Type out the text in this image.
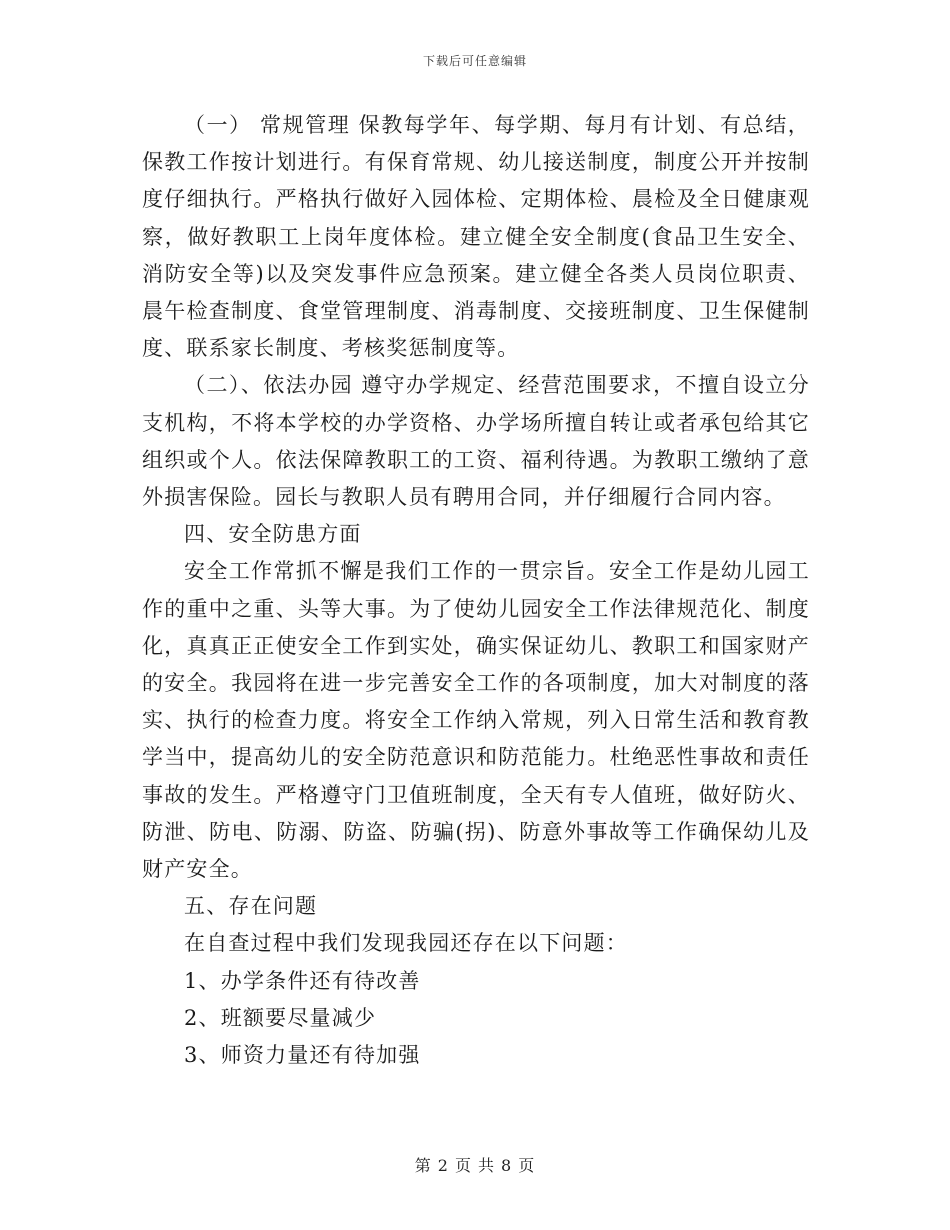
下载后可任意编辑

（一） 常规管理 保教每学年、每学期、每月有计划、有总结，保教工作按计划进行。有保育常规、幼儿接送制度，制度公开并按制度仔细执行。严格执行做好入园体检、定期体检、晨检及全日健康观察，做好教职工上岗年度体检。建立健全安全制度(食品卫生安全、消防安全等)以及突发事件应急预案。建立健全各类人员岗位职责、晨午检查制度、食堂管理制度、消毒制度、交接班制度、卫生保健制度、联系家长制度、考核奖惩制度等。

（二）、依法办园 遵守办学规定、经营范围要求，不擅自设立分支机构，不将本学校的办学资格、办学场所擅自转让或者承包给其它组织或个人。依法保障教职工的工资、福利待遇。为教职工缴纳了意外损害保险。园长与教职人员有聘用合同，并仔细履行合同内容。

四、安全防患方面

安全工作常抓不懈是我们工作的一贯宗旨。安全工作是幼儿园工作的重中之重、头等大事。为了使幼儿园安全工作法律规范化、制度化，真真正正使安全工作到实处，确实保证幼儿、教职工和国家财产的安全。我园将在进一步完善安全工作的各项制度，加大对制度的落实、执行的检查力度。将安全工作纳入常规，列入日常生活和教育教学当中，提高幼儿的安全防范意识和防范能力。杜绝恶性事故和责任事故的发生。严格遵守门卫值班制度，全天有专人值班，做好防火、防泄、防电、防溺、防盗、防骗(拐)、防意外事故等工作确保幼儿及财产安全。

五、存在问题

在自查过程中我们发现我园还存在以下问题：

1、办学条件还有待改善

2、班额要尽量减少

3、师资力量还有待加强

第 2 页 共 8 页
